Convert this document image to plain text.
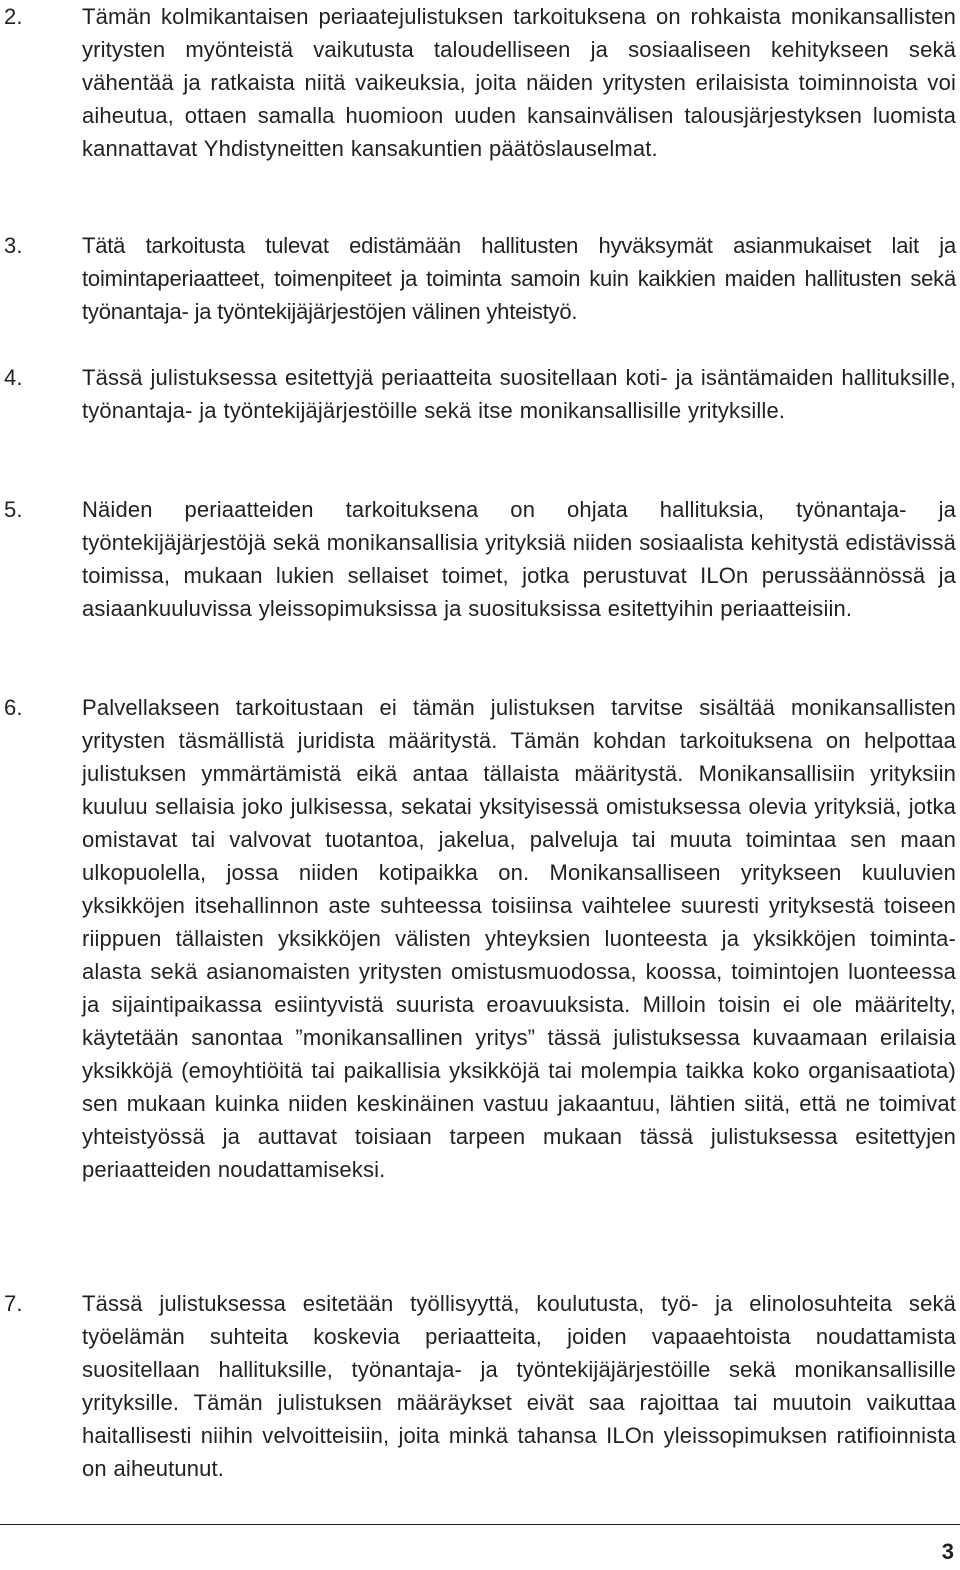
2.	Tämän kolmikantaisen periaatejulistuksen tarkoituksena on rohkaista monikansallisten yritysten myönteistä vaikutusta taloudelliseen ja sosiaaliseen kehitykseen sekä vähentää ja ratkaista niitä vaikeuksia, joita näiden yritysten erilaisista toiminnoista voi aiheutua, ottaen samalla huomioon uuden kansainvälisen talousjärjestyksen luomista kannattavat Yhdistyneitten kansakuntien päätöslauselmat.
3.	Tätä tarkoitusta tulevat edistämään hallitusten hyväksymät asianmukaiset lait ja toimintaperiaatteet, toimenpiteet ja toiminta samoin kuin kaikkien maiden hallitusten sekä työnantaja- ja työntekijäjärjestöjen välinen yhteistyö.
4.	Tässä julistuksessa esitettyjä periaatteita suositellaan koti- ja isäntämaiden hallituksille, työnantaja- ja työntekijäjärjestöille sekä itse monikansallisille yrityksille.
5.	Näiden periaatteiden tarkoituksena on ohjata hallituksia, työnantaja- ja työntekijäjärjestöjä sekä monikansallisia yrityksiä niiden sosiaalista kehitystä edistävissä toimissa, mukaan lukien sellaiset toimet, jotka perustuvat ILOn perussäännössä ja asiaankuuluvissa yleissopimuksissa ja suosituksissa esitettyihin periaatteisiin.
6.	Palvellakseen tarkoitustaan ei tämän julistuksen tarvitse sisältää monikansallisten yritysten täsmällistä juridista määritystä. Tämän kohdan tarkoituksena on helpottaa julistuksen ymmärtämistä eikä antaa tällaista määritystä. Monikansallisiin yrityksiin kuuluu sellaisia joko julkisessa, sekatai yksityisessä omistuksessa olevia yrityksiä, jotka omistavat tai valvovat tuotantoa, jakelua, palveluja tai muuta toimintaa sen maan ulkopuolella, jossa niiden kotipaikka on. Monikansalliseen yritykseen kuuluvien yksikköjen itsehallinnon aste suhteessa toisiinsa vaihtelee suuresti yrityksestä toiseen riippuen tällaisten yksikköjen välisten yhteyksien luonteesta ja yksikköjen toiminta-alasta sekä asianomaisten yritysten omistusmuodossa, koossa, toimintojen luonteessa ja sijaintipaikassa esiintyvistä suurista eroavuuksista. Milloin toisin ei ole määritelty, käytetään sanontaa ”monikansallinen yritys” tässä julistuksessa kuvaamaan erilaisia yksikköjä (emoyhtiöitä tai paikallisia yksikköjä tai molempia taikka koko organisaatiota) sen mukaan kuinka niiden keskinäinen vastuu jakaantuu, lähtien siitä, että ne toimivat yhteistyössä ja auttavat toisiaan tarpeen mukaan tässä julistuksessa esitettyjen periaatteiden noudattamiseksi.
7.	Tässä julistuksessa esitetään työllisyyttä, koulutusta, työ- ja elinolosuhteita sekä työelämän suhteita koskevia periaatteita, joiden vapaaehtoista noudattamista suositellaan hallituksille, työnantaja- ja työntekijäjärjestöille sekä monikansallisille yrityksille. Tämän julistuksen määräykset eivät saa rajoittaa tai muutoin vaikuttaa haitallisesti niihin velvoitteisiin, joita minkä tahansa ILOn yleissopimuksen ratifioinnista on aiheutunut.
3
